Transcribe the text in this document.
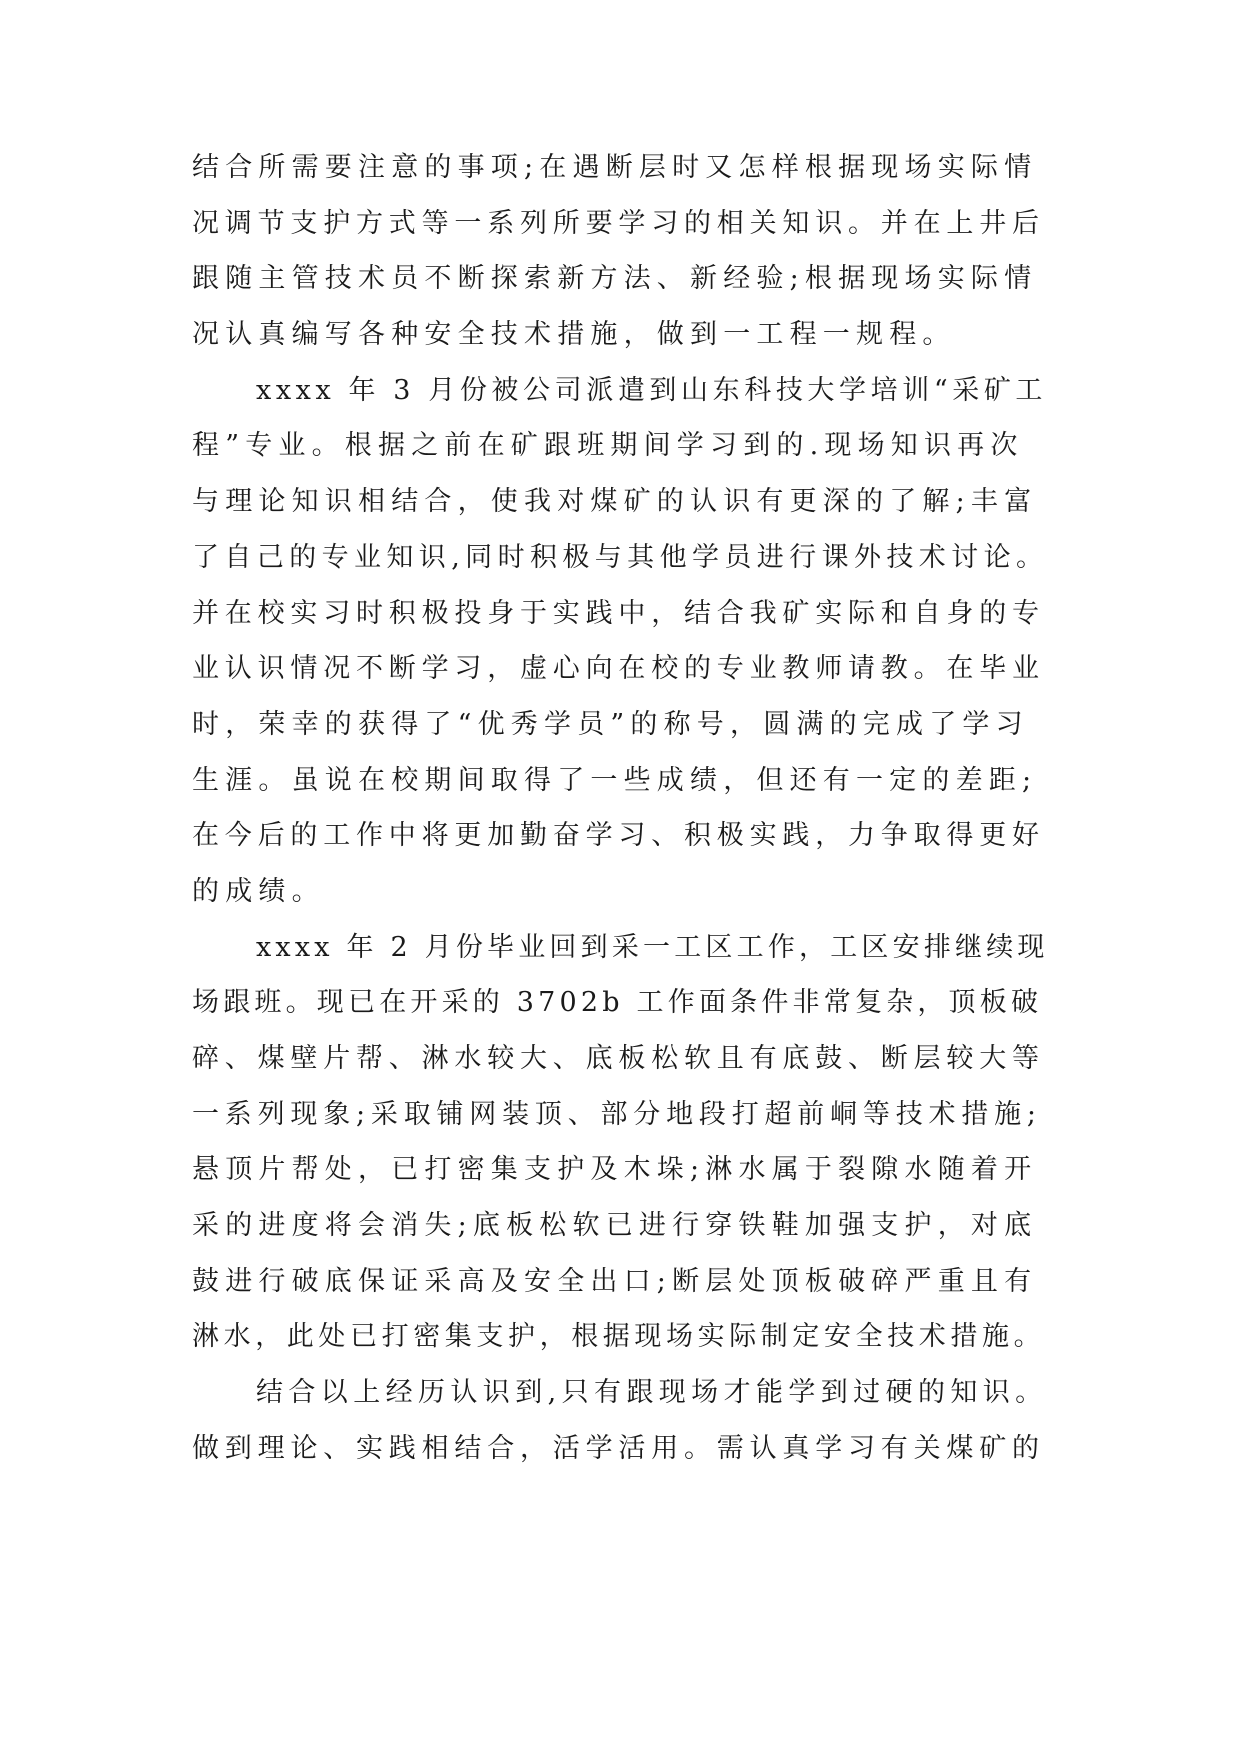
结合所需要注意的事项;在遇断层时又怎样根据现场实际情
况调节支护方式等一系列所要学习的相关知识。并在上井后
跟随主管技术员不断探索新方法、新经验;根据现场实际情
况认真编写各种安全技术措施，做到一工程一规程。
xxxx 年 3 月份被公司派遣到山东科技大学培训“采矿工
程”专业。根据之前在矿跟班期间学习到的.现场知识再次
与理论知识相结合，使我对煤矿的认识有更深的了解;丰富
了自己的专业知识,同时积极与其他学员进行课外技术讨论。
并在校实习时积极投身于实践中，结合我矿实际和自身的专
业认识情况不断学习，虚心向在校的专业教师请教。在毕业
时，荣幸的获得了“优秀学员”的称号，圆满的完成了学习
生涯。虽说在校期间取得了一些成绩，但还有一定的差距;
在今后的工作中将更加勤奋学习、积极实践，力争取得更好
的成绩。
xxxx 年 2 月份毕业回到采一工区工作，工区安排继续现
场跟班。现已在开采的 3702b 工作面条件非常复杂，顶板破
碎、煤壁片帮、淋水较大、底板松软且有底鼓、断层较大等
一系列现象;采取铺网装顶、部分地段打超前峒等技术措施;
悬顶片帮处，已打密集支护及木垛;淋水属于裂隙水随着开
采的进度将会消失;底板松软已进行穿铁鞋加强支护，对底
鼓进行破底保证采高及安全出口;断层处顶板破碎严重且有
淋水，此处已打密集支护，根据现场实际制定安全技术措施。
结合以上经历认识到,只有跟现场才能学到过硬的知识。
做到理论、实践相结合，活学活用。需认真学习有关煤矿的
